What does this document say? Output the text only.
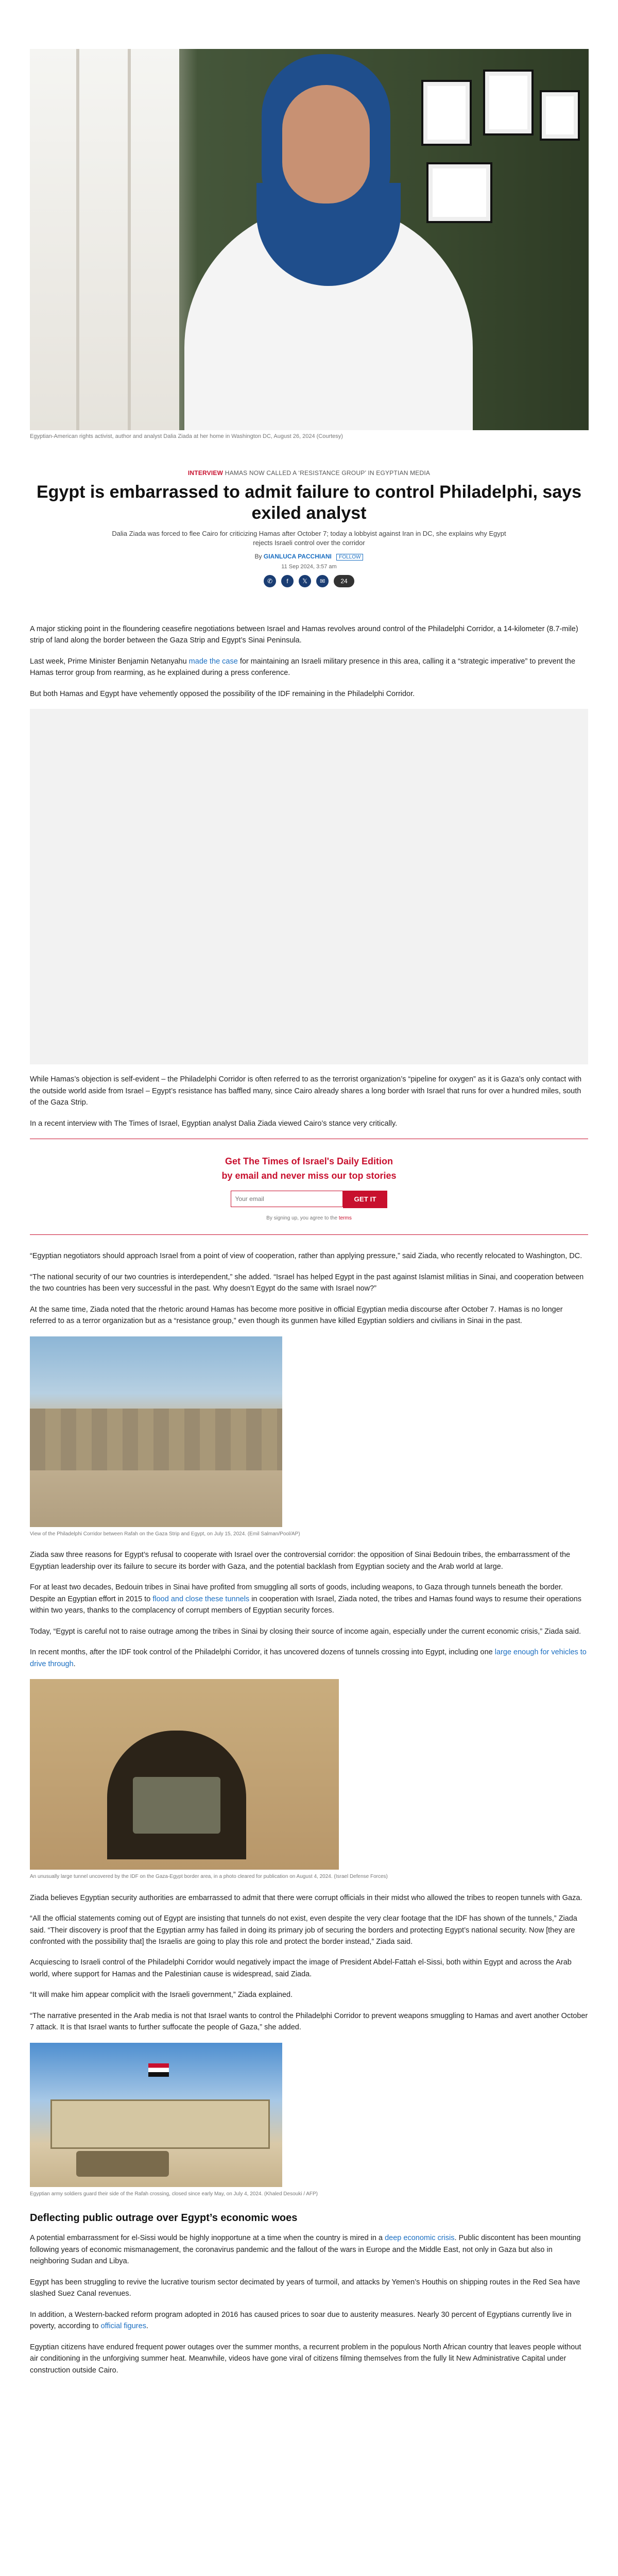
Egyptian-American rights activist, author and analyst Dalia Ziada at her home in Washington DC, August 26, 2024 (Courtesy)
INTERVIEW HAMAS NOW CALLED A ‘RESISTANCE GROUP’ IN EGYPTIAN MEDIA
Egypt is embarrassed to admit failure to control Philadelphi, says exiled analyst
Dalia Ziada was forced to flee Cairo for criticizing Hamas after October 7; today a lobbyist against Iran in DC, she explains why Egypt rejects Israeli control over the corridor
By GIANLUCA PACCHIANI FOLLOW
11 Sep 2024, 3:57 am
✆	f	𝕏	✉	24

A major sticking point in the floundering ceasefire negotiations between Israel and Hamas revolves around control of the Philadelphi Corridor, a 14-kilometer (8.7-mile) strip of land along the border between the Gaza Strip and Egypt’s Sinai Peninsula.

Last week, Prime Minister Benjamin Netanyahu made the case for maintaining an Israeli military presence in this area, calling it a “strategic imperative” to prevent the Hamas terror group from rearming, as he explained during a press conference.

But both Hamas and Egypt have vehemently opposed the possibility of the IDF remaining in the Philadelphi Corridor.

While Hamas’s objection is self-evident – the Philadelphi Corridor is often referred to as the terrorist organization’s “pipeline for oxygen” as it is Gaza’s only contact with the outside world aside from Israel – Egypt’s resistance has baffled many, since Cairo already shares a long border with Israel that runs for over a hundred miles, south of the Gaza Strip.

In a recent interview with The Times of Israel, Egyptian analyst Dalia Ziada viewed Cairo’s stance very critically.

Get The Times of Israel's Daily Edition
by email and never miss our top stories
Your email
GET IT
By signing up, you agree to the terms

“Egyptian negotiators should approach Israel from a point of view of cooperation, rather than applying pressure,” said Ziada, who recently relocated to Washington, DC.

“The national security of our two countries is interdependent,” she added. “Israel has helped Egypt in the past against Islamist militias in Sinai, and cooperation between the two countries has been very successful in the past. Why doesn’t Egypt do the same with Israel now?”

At the same time, Ziada noted that the rhetoric around Hamas has become more positive in official Egyptian media discourse after October 7. Hamas is no longer referred to as a terror organization but as a “resistance group,” even though its gunmen have killed Egyptian soldiers and civilians in Sinai in the past.

View of the Philadelphi Corridor between Rafah on the Gaza Strip and Egypt, on July 15, 2024. (Emil Salman/Pool/AP)

Ziada saw three reasons for Egypt’s refusal to cooperate with Israel over the controversial corridor: the opposition of Sinai Bedouin tribes, the embarrassment of the Egyptian leadership over its failure to secure its border with Gaza, and the potential backlash from Egyptian society and the Arab world at large.

For at least two decades, Bedouin tribes in Sinai have profited from smuggling all sorts of goods, including weapons, to Gaza through tunnels beneath the border. Despite an Egyptian effort in 2015 to flood and close these tunnels in cooperation with Israel, Ziada noted, the tribes and Hamas found ways to resume their operations within two years, thanks to the complacency of corrupt members of Egyptian security forces.

Today, “Egypt is careful not to raise outrage among the tribes in Sinai by closing their source of income again, especially under the current economic crisis,” Ziada said.

In recent months, after the IDF took control of the Philadelphi Corridor, it has uncovered dozens of tunnels crossing into Egypt, including one large enough for vehicles to drive through.

An unusually large tunnel uncovered by the IDF on the Gaza-Egypt border area, in a photo cleared for publication on August 4, 2024. (Israel Defense Forces)

Ziada believes Egyptian security authorities are embarrassed to admit that there were corrupt officials in their midst who allowed the tribes to reopen tunnels with Gaza.

“All the official statements coming out of Egypt are insisting that tunnels do not exist, even despite the very clear footage that the IDF has shown of the tunnels,” Ziada said. “Their discovery is proof that the Egyptian army has failed in doing its primary job of securing the borders and protecting Egypt’s national security. Now [they are confronted with the possibility that] the Israelis are going to play this role and protect the border instead,” Ziada said.

Acquiescing to Israeli control of the Philadelphi Corridor would negatively impact the image of President Abdel-Fattah el-Sissi, both within Egypt and across the Arab world, where support for Hamas and the Palestinian cause is widespread, said Ziada.

“It will make him appear complicit with the Israeli government,” Ziada explained.

“The narrative presented in the Arab media is not that Israel wants to control the Philadelphi Corridor to prevent weapons smuggling to Hamas and avert another October 7 attack. It is that Israel wants to further suffocate the people of Gaza,” she added.

Egyptian army soldiers guard their side of the Rafah crossing, closed since early May, on July 4, 2024. (Khaled Desouki / AFP)
Deflecting public outrage over Egypt’s economic woes

A potential embarrassment for el-Sissi would be highly inopportune at a time when the country is mired in a deep economic crisis. Public discontent has been mounting following years of economic mismanagement, the coronavirus pandemic and the fallout of the wars in Europe and the Middle East, not only in Gaza but also in neighboring Sudan and Libya.

Egypt has been struggling to revive the lucrative tourism sector decimated by years of turmoil, and attacks by Yemen’s Houthis on shipping routes in the Red Sea have slashed Suez Canal revenues.

In addition, a Western-backed reform program adopted in 2016 has caused prices to soar due to austerity measures. Nearly 30 percent of Egyptians currently live in poverty, according to official figures.

Egyptian citizens have endured frequent power outages over the summer months, a recurrent problem in the populous North African country that leaves people without air conditioning in the unforgiving summer heat. Meanwhile, videos have gone viral of citizens filming themselves from the fully lit New Administrative Capital under construction outside Cairo.
